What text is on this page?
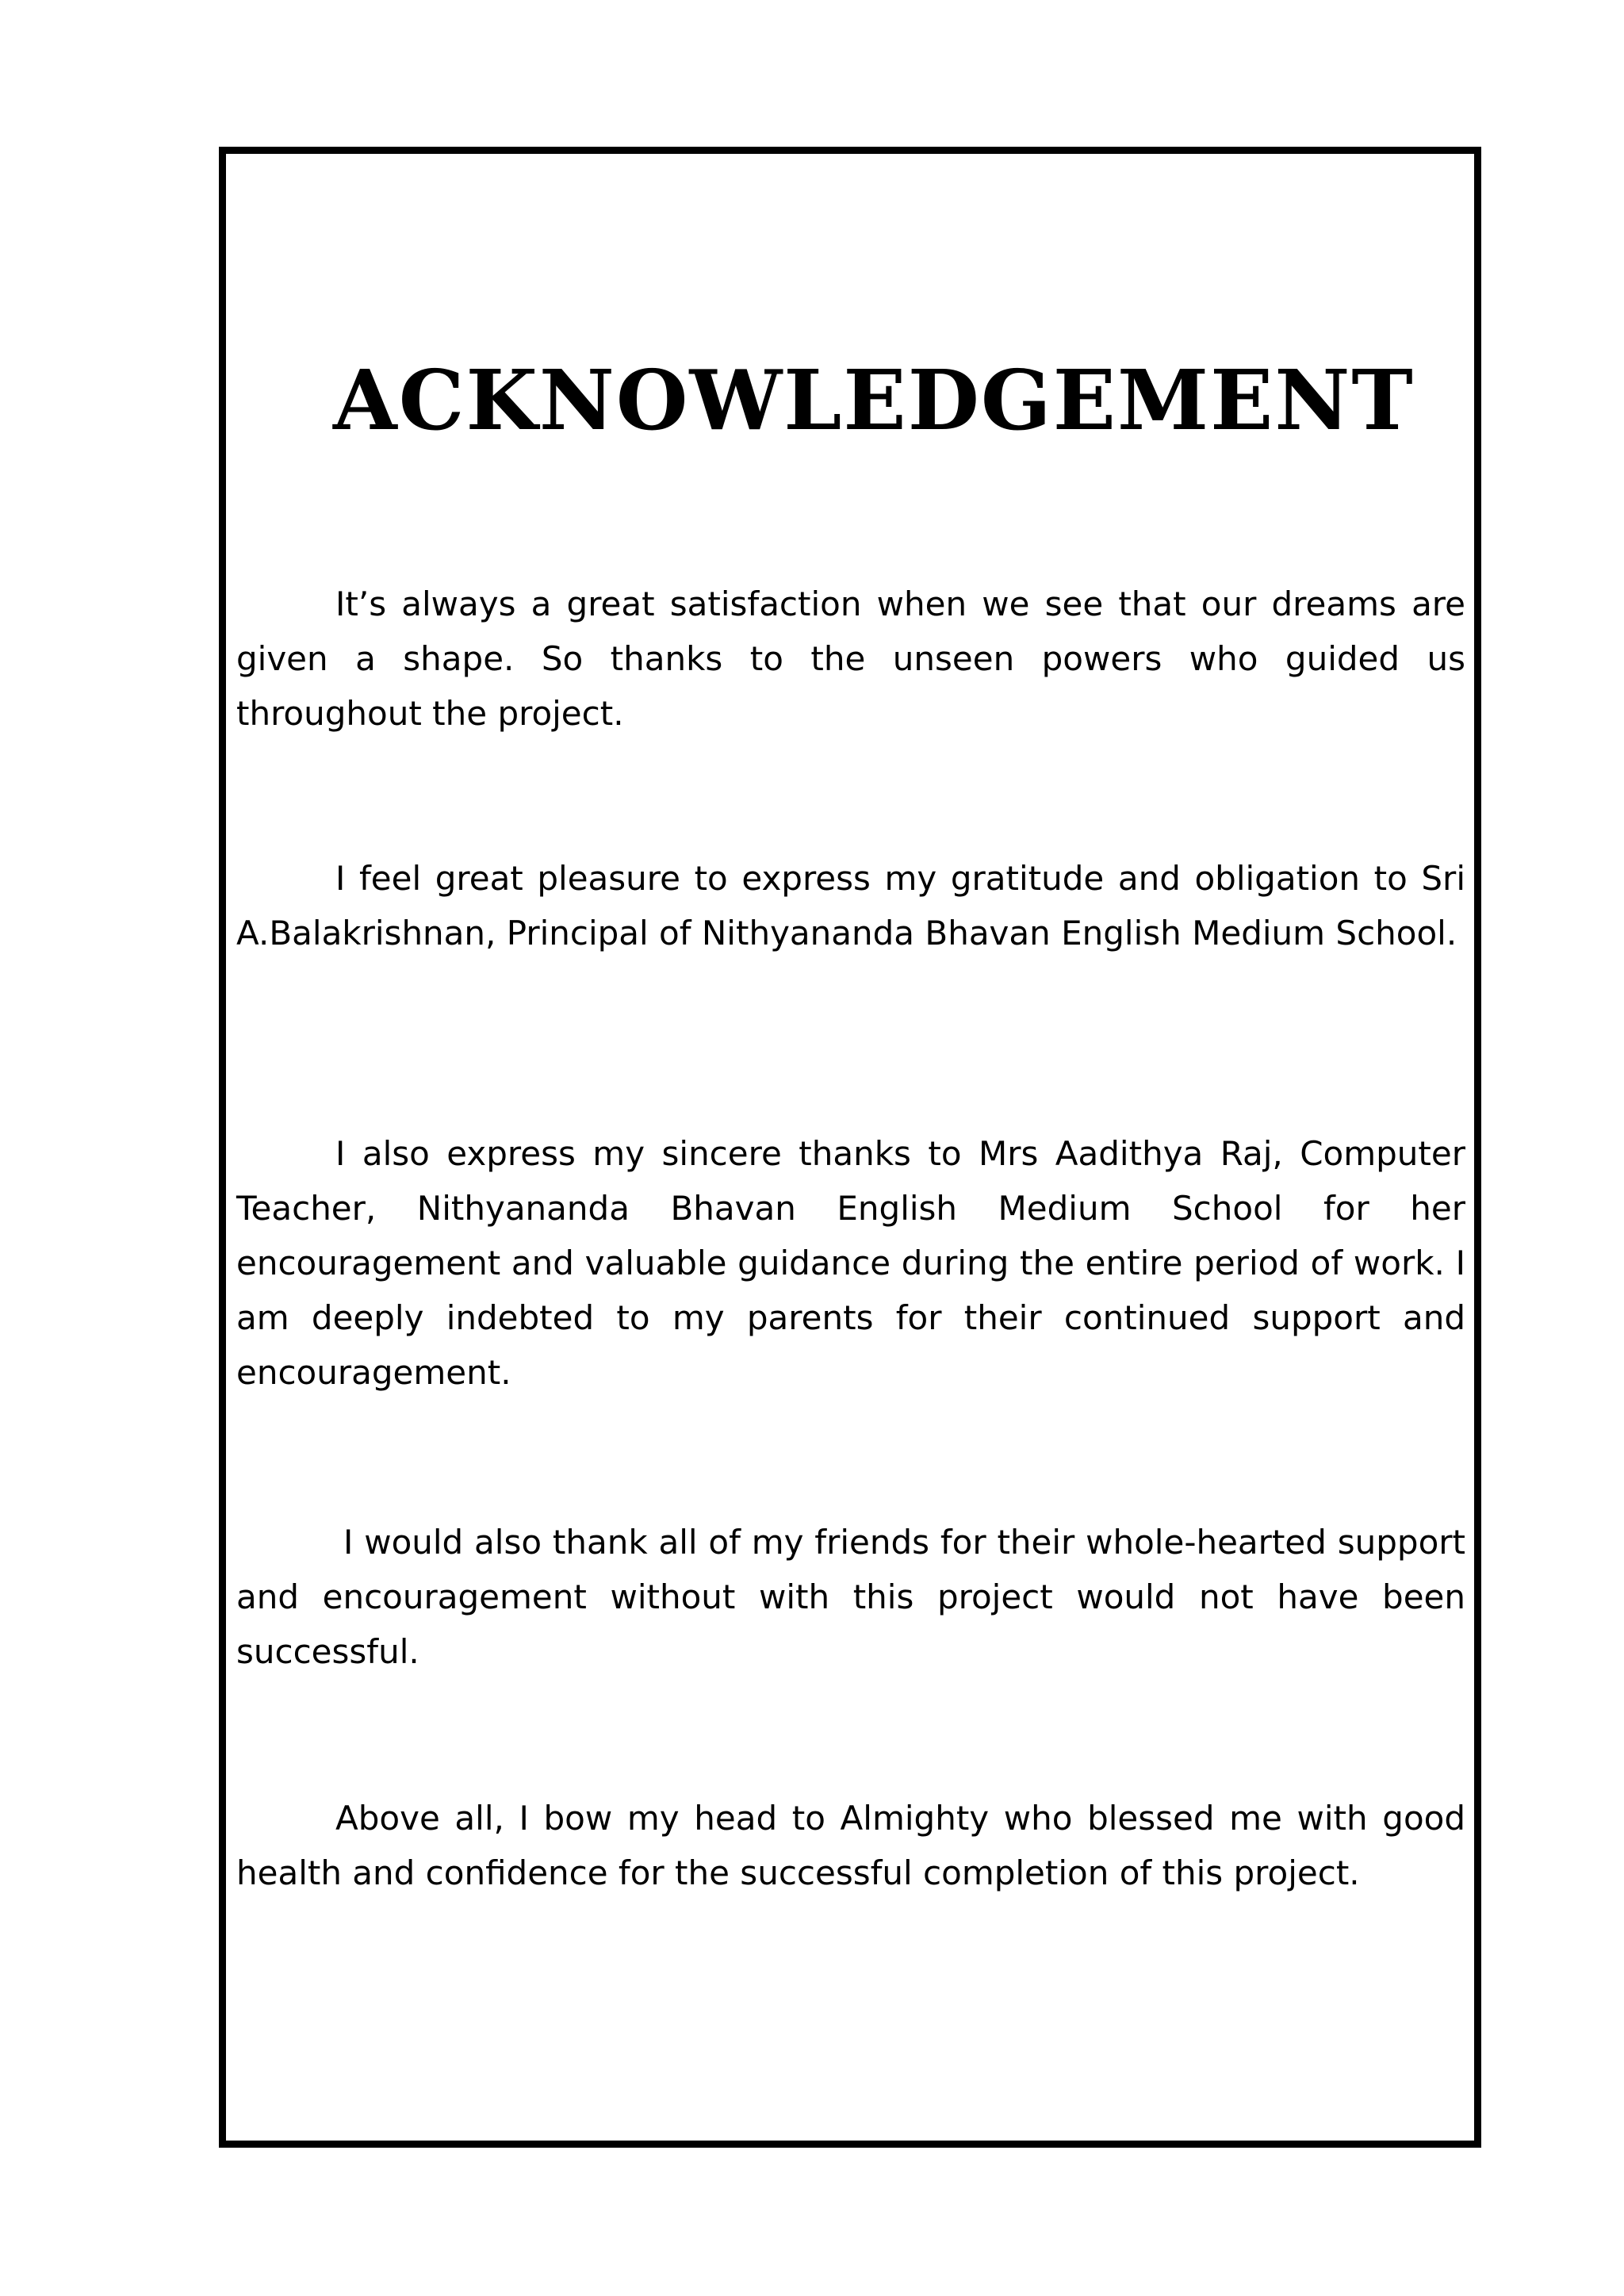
ACKNOWLEDGEMENT

It’s always a great satisfaction when we see that our dreams are given a shape. So thanks to the unseen powers who guided us throughout the project.

I feel great pleasure to express my gratitude and obligation to Sri A.Balakrishnan, Principal of Nithyananda Bhavan English Medium School.

I also express my sincere thanks to Mrs Aadithya Raj, Computer Teacher, Nithyananda Bhavan English Medium School for her encouragement and valuable guidance during the entire period of work. I am deeply indebted to my parents for their continued support and encouragement.

I would also thank all of my friends for their whole-hearted support and encouragement without with this project would not have been successful.

Above all, I bow my head to Almighty who blessed me with good health and confidence for the successful completion of this project.
